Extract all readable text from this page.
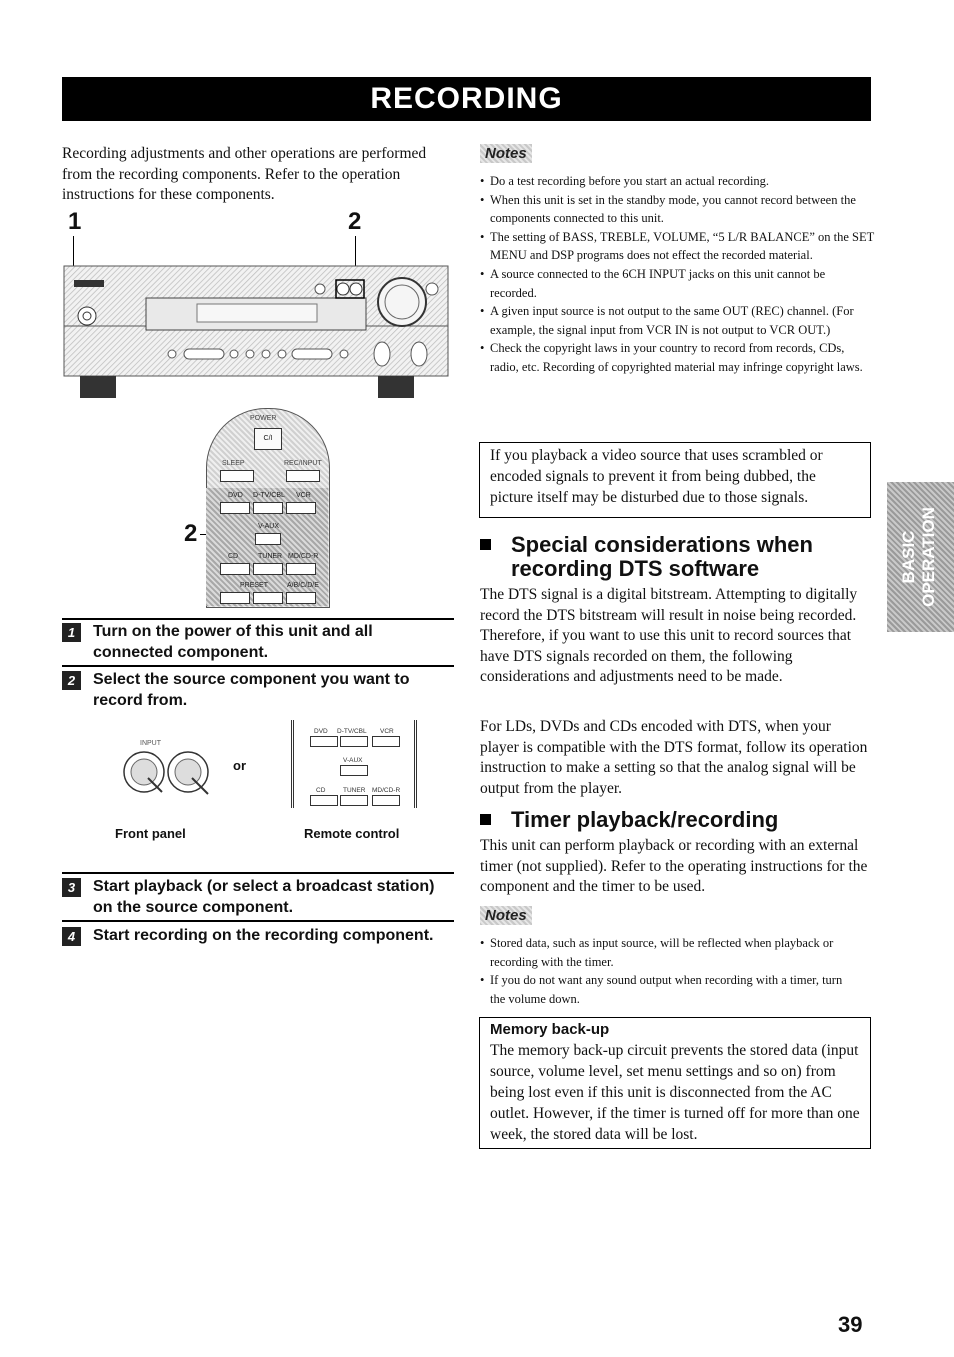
RECORDING
Recording adjustments and other operations are performed from the recording components. Refer to the operation instructions for these components.
1	2
2
POWER
C/I
SLEEP	REC/INPUT
DVD D-TV/CBL VCR
V-AUX
CD	TUNER MD/CD-R
PRESET	A/B/C/D/E
1	Turn on the power of this unit and all connected component.
2	Select the source component you want to record from.
INPUT
or
DVD D-TV/CBL VCR
V-AUX
CD	TUNER MD/CD-R
Front panel	Remote control
3	Start playback (or select a broadcast station) on the source component.
4	Start recording on the recording component.
Notes
• Do a test recording before you start an actual recording.
• When this unit is set in the standby mode, you cannot record between the components connected to this unit.
• The setting of BASS, TREBLE, VOLUME, “5 L/R BALANCE” on the SET MENU and DSP programs does not effect the recorded material.
• A source connected to the 6CH INPUT jacks on this unit cannot be recorded.
• A given input source is not output to the same OUT (REC) channel. (For example, the signal input from VCR IN is not output to VCR OUT.)
• Check the copyright laws in your country to record from records, CDs, radio, etc. Recording of copyrighted material may infringe copyright laws.
If you playback a video source that uses scrambled or encoded signals to prevent it from being dubbed, the picture itself may be disturbed due to those signals.
Special considerations when recording DTS software
The DTS signal is a digital bitstream. Attempting to digitally record the DTS bitstream will result in noise being recorded. Therefore, if you want to use this unit to record sources that have DTS signals recorded on them, the following considerations and adjustments need to be made.
For LDs, DVDs and CDs encoded with DTS, when your player is compatible with the DTS format, follow its operation instruction to make a setting so that the analog signal will be output from the player.
Timer playback/recording
This unit can perform playback or recording with an external timer (not supplied). Refer to the operating instructions for the component and the timer to be used.
Notes
• Stored data, such as input source, will be reflected when playback or recording with the timer.
• If you do not want any sound output when recording with a timer, turn the volume down.
Memory back-up
The memory back-up circuit prevents the stored data (input source, volume level, set menu settings and so on) from being lost even if this unit is disconnected from the AC outlet. However, if the timer is turned off for more than one week, the stored data will be lost.
BASIC OPERATION
39
